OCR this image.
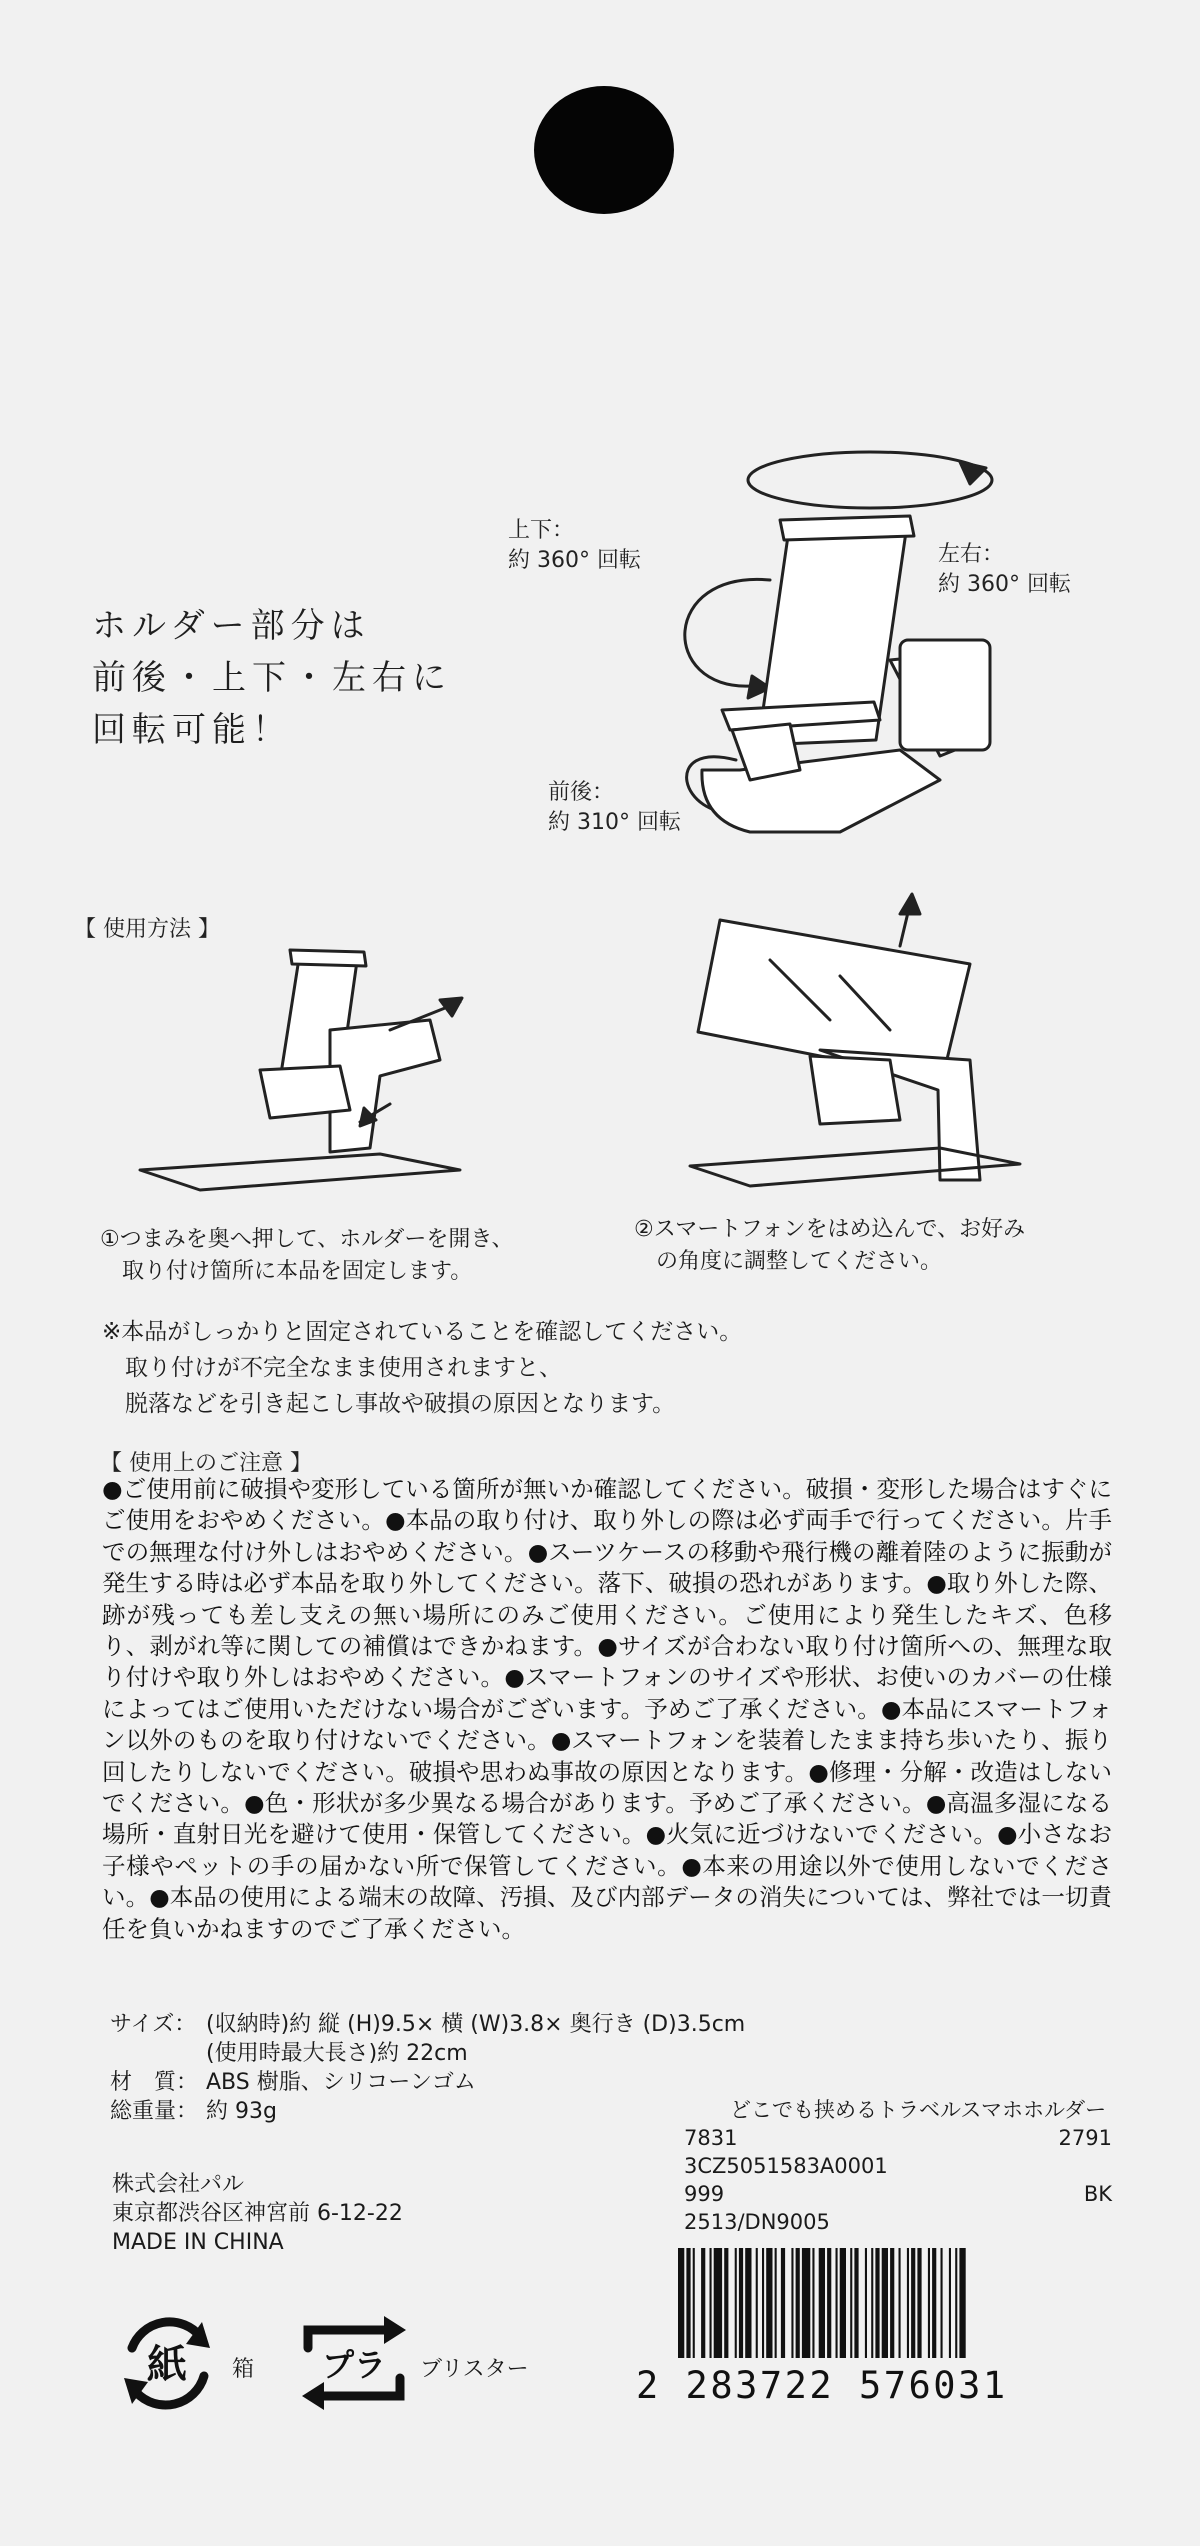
ホルダー部分は
前後・上下・左右に
回転可能！
上下：
約 360° 回転	左右：
約 360° 回転
前後：
約 310° 回転
【 使用方法 】
①つまみを奥へ押して、ホルダーを開き、
　取り付け箇所に本品を固定します。
②スマートフォンをはめ込んで、お好み
　の角度に調整してください。
※本品がしっかりと固定されていることを確認してください。
　取り付けが不完全なまま使用されますと、
　脱落などを引き起こし事故や破損の原因となります。
【 使用上のご注意 】
●ご使用前に破損や変形している箇所が無いか確認してください。破損・変形した場合はすぐにご使用をおやめください。●本品の取り付け、取り外しの際は必ず両手で行ってください。片手での無理な付け外しはおやめください。●スーツケースの移動や飛行機の離着陸のように振動が発生する時は必ず本品を取り外してください。落下、破損の恐れがあります。●取り外した際、跡が残っても差し支えの無い場所にのみご使用ください。ご使用により発生したキズ、色移り、剥がれ等に関しての補償はできかねます。●サイズが合わない取り付け箇所への、無理な取り付けや取り外しはおやめください。●スマートフォンのサイズや形状、お使いのカバーの仕様によってはご使用いただけない場合がございます。予めご了承ください。●本品にスマートフォン以外のものを取り付けないでください。●スマートフォンを装着したまま持ち歩いたり、振り回したりしないでください。破損や思わぬ事故の原因となります。●修理・分解・改造はしないでください。●色・形状が多少異なる場合があります。予めご了承ください。●高温多湿になる場所・直射日光を避けて使用・保管してください。●火気に近づけないでください。●小さなお子様やペットの手の届かない所で保管してください。●本来の用途以外で使用しないでください。●本品の使用による端末の故障、汚損、及び内部データの消失については、弊社では一切責任を負いかねますのでご了承ください。
サイズ： (収納時)約 縦 (H)9.5× 横 (W)3.8× 奥行き (D)3.5cm
(使用時最大長さ)約 22cm
材　質： ABS 樹脂、シリコーンゴム
総重量： 約 93g
株式会社パル
東京都渋谷区神宮前 6-12-22
MADE IN CHINA
どこでも挟めるトラベルスマホホルダー
7831	2791
3CZ5051583A0001
999	BK
2513/DN9005
2 283722 576031
紙 箱 プラ ブリスター
